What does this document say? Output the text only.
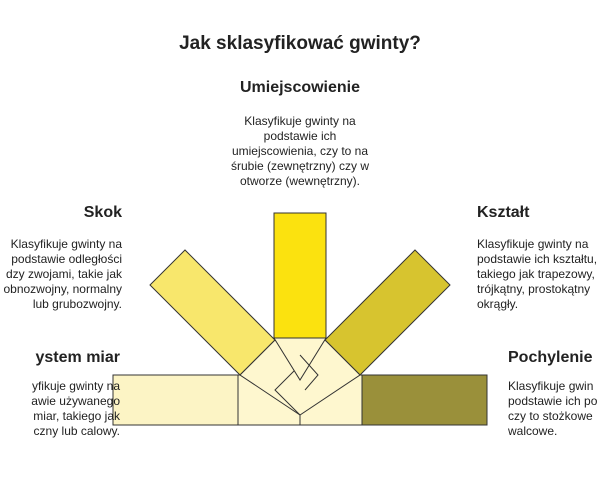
Jak sklasyfikować gwinty?
Umiejscowienie
Klasyfikuje gwinty na
podstawie ich
umiejscowienia, czy to na
śrubie (zewnętrzny) czy w
otworze (wewnętrzny).
Skok
Klasyfikuje gwinty na
podstawie odległości
dzy zwojami, takie jak
obnozwojny, normalny
lub grubozwojny.
Kształt
Klasyfikuje gwinty na
podstawie ich kształtu,
takiego jak trapezowy,
trójkątny, prostokątny
okrągły.
ystem miar
yfikuje gwinty na
awie używanego
miar, takiego jak
czny lub calowy.
Pochylenie
Klasyfikuje gwin
podstawie ich po
czy to stożkowe
walcowe.
